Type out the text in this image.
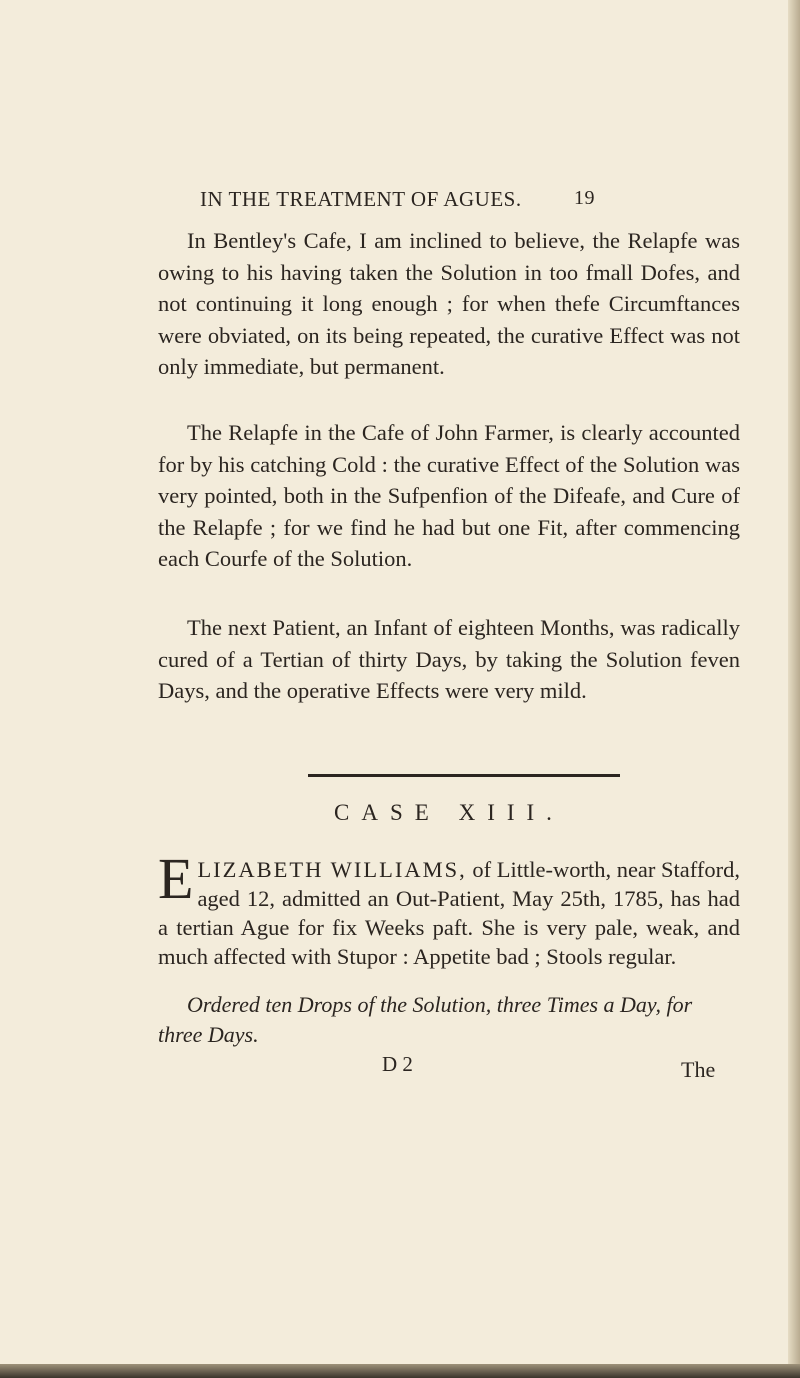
IN THE TREATMENT OF AGUES.	19

In Bentley's Cafe, I am inclined to believe, the Relapfe was owing to his having taken the Solution in too fmall Dofes, and not continuing it long enough ; for when thefe Circumftances were obviated, on its being repeated, the curative Effect was not only immediate, but permanent.

The Relapfe in the Cafe of John Farmer, is clearly accounted for by his catching Cold : the curative Effect of the Solution was very pointed, both in the Sufpenfion of the Difeafe, and Cure of the Relapfe ; for we find he had but one Fit, after commencing each Courfe of the Solution.

The next Patient, an Infant of eighteen Months, was radically cured of a Tertian of thirty Days, by taking the Solution feven Days, and the operative Effects were very mild.

CASE XIII.

ELIZABETH WILLIAMS, of Little-worth, near Stafford, aged 12, admitted an Out-Patient, May 25th, 1785, has had a tertian Ague for fix Weeks paft. She is very pale, weak, and much affected with Stupor : Appetite bad ; Stools regular.

Ordered ten Drops of the Solution, three Times a Day, for three Days.

D 2	The
